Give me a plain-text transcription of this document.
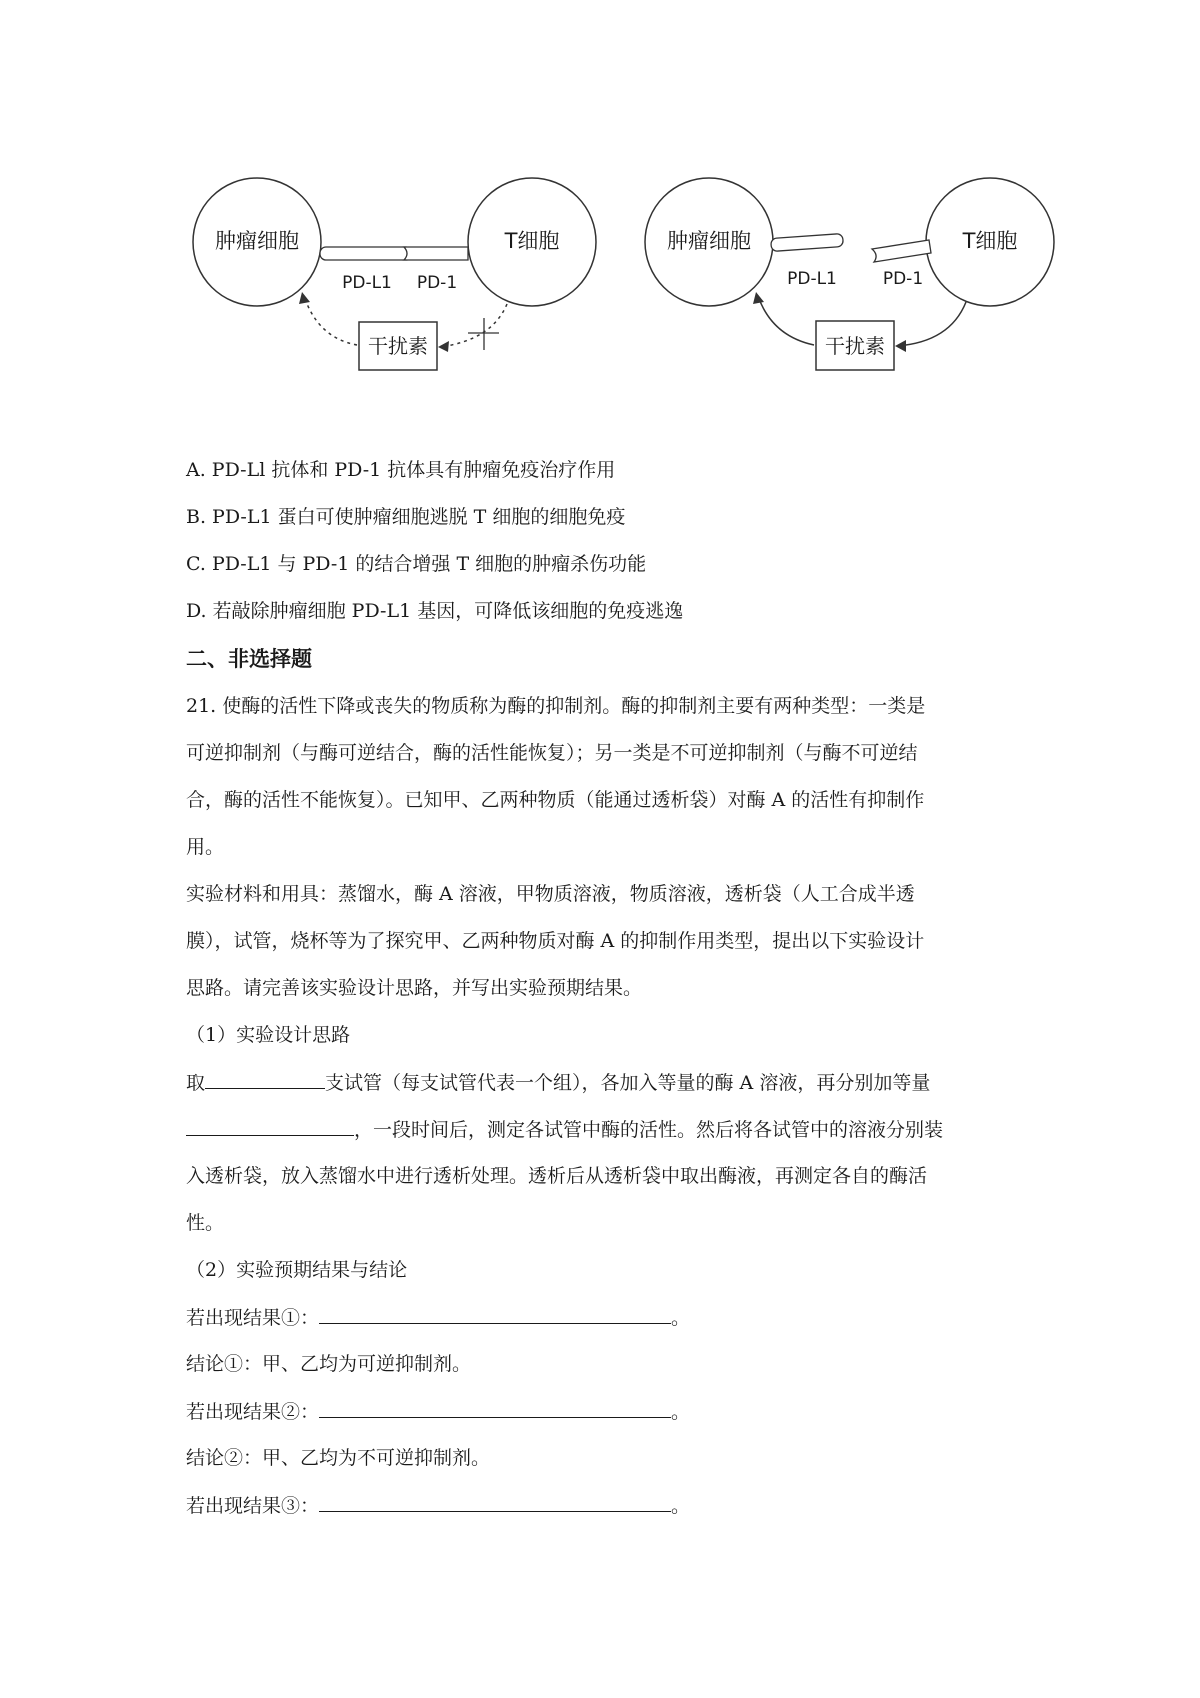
肿瘤细胞	T细胞
PD-L1 PD-1
干扰素
肿瘤细胞	T细胞
PD-L1	PD-1
干扰素
A. PD-Ll 抗体和 PD-1 抗体具有肿瘤免疫治疗作用
B. PD-L1 蛋白可使肿瘤细胞逃脱 T 细胞的细胞免疫
C. PD-L1 与 PD-1 的结合增强 T 细胞的肿瘤杀伤功能
D. 若敲除肿瘤细胞 PD-L1 基因，可降低该细胞的免疫逃逸
二、非选择题
21. 使酶的活性下降或丧失的物质称为酶的抑制剂。酶的抑制剂主要有两种类型：一类是
可逆抑制剂（与酶可逆结合，酶的活性能恢复）；另一类是不可逆抑制剂（与酶不可逆结
合，酶的活性不能恢复）。已知甲、乙两种物质（能通过透析袋）对酶 A 的活性有抑制作
用。
实验材料和用具：蒸馏水，酶 A 溶液，甲物质溶液，物质溶液，透析袋（人工合成半透
膜），试管，烧杯等为了探究甲、乙两种物质对酶 A 的抑制作用类型，提出以下实验设计
思路。请完善该实验设计思路，并写出实验预期结果。
（1）实验设计思路
取	支试管（每支试管代表一个组），各加入等量的酶 A 溶液，再分别加等量
，一段时间后，测定各试管中酶的活性。然后将各试管中的溶液分别装
入透析袋，放入蒸馏水中进行透析处理。透析后从透析袋中取出酶液，再测定各自的酶活
性。
（2）实验预期结果与结论
若出现结果①：	。
结论①：甲、乙均为可逆抑制剂。
若出现结果②：	。
结论②：甲、乙均为不可逆抑制剂。
若出现结果③：	。
